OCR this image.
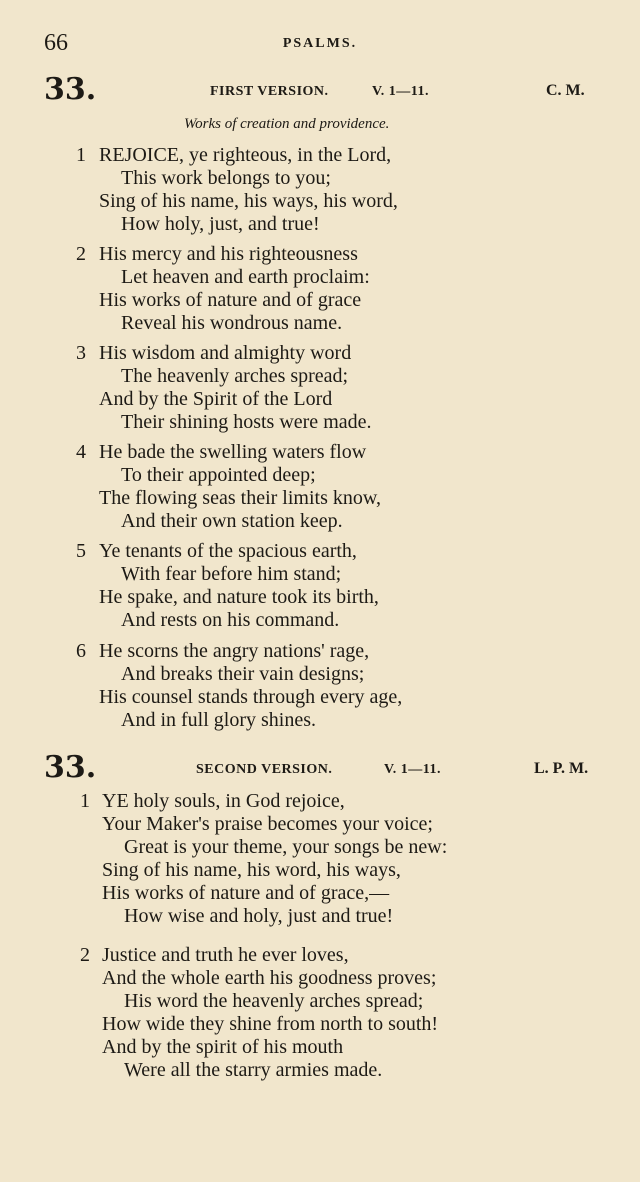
66	PSALMS.
33.	FIRST VERSION.	V. 1—11.	C. M.
Works of creation and providence.
1 REJOICE, ye righteous, in the Lord,
This work belongs to you;
Sing of his name, his ways, his word,
How holy, just, and true!
2 His mercy and his righteousness
Let heaven and earth proclaim:
His works of nature and of grace
Reveal his wondrous name.
3 His wisdom and almighty word
The heavenly arches spread;
And by the Spirit of the Lord
Their shining hosts were made.
4 He bade the swelling waters flow
To their appointed deep;
The flowing seas their limits know,
And their own station keep.
5 Ye tenants of the spacious earth,
With fear before him stand;
He spake, and nature took its birth,
And rests on his command.
6 He scorns the angry nations' rage,
And breaks their vain designs;
His counsel stands through every age,
And in full glory shines.
33.	SECOND VERSION.	V. 1—11.	L. P. M.
1 YE holy souls, in God rejoice,
Your Maker's praise becomes your voice;
Great is your theme, your songs be new:
Sing of his name, his word, his ways,
His works of nature and of grace,—
How wise and holy, just and true!
2 Justice and truth he ever loves,
And the whole earth his goodness proves;
His word the heavenly arches spread;
How wide they shine from north to south!
And by the spirit of his mouth
Were all the starry armies made.
